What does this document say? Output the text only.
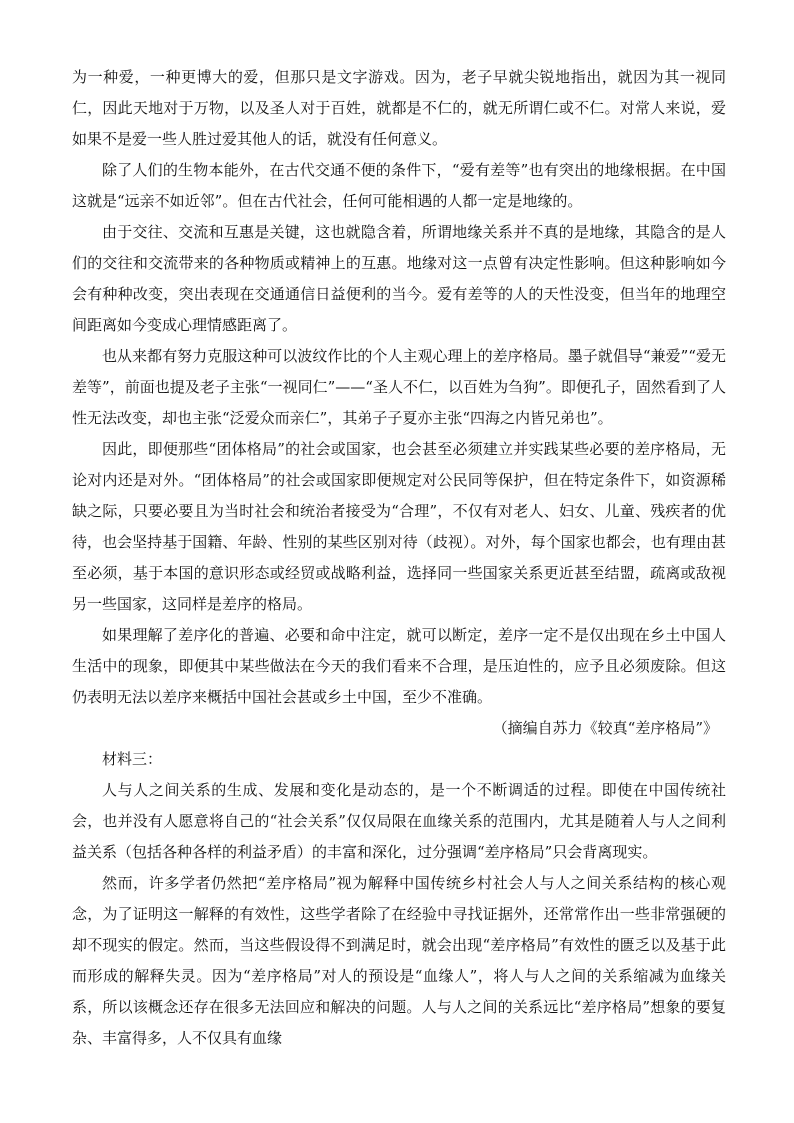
为一种爱，一种更博大的爱，但那只是文字游戏。因为，老子早就尖锐地指出，就因为其一视同仁，因此天地对于万物，以及圣人对于百姓，就都是不仁的，就无所谓仁或不仁。对常人来说，爱如果不是爱一些人胜过爱其他人的话，就没有任何意义。

除了人们的生物本能外，在古代交通不便的条件下，“爱有差等”也有突出的地缘根据。在中国这就是“远亲不如近邻”。但在古代社会，任何可能相遇的人都一定是地缘的。

由于交往、交流和互惠是关键，这也就隐含着，所谓地缘关系并不真的是地缘，其隐含的是人们的交往和交流带来的各种物质或精神上的互惠。地缘对这一点曾有决定性影响。但这种影响如今会有种种改变，突出表现在交通通信日益便利的当今。爱有差等的人的天性没变，但当年的地理空间距离如今变成心理情感距离了。

也从来都有努力克服这种可以波纹作比的个人主观心理上的差序格局。墨子就倡导“兼爱”“爱无差等”，前面也提及老子主张“一视同仁”——“圣人不仁，以百姓为刍狗”。即便孔子，固然看到了人性无法改变，却也主张“泛爱众而亲仁”，其弟子子夏亦主张“四海之内皆兄弟也”。

因此，即便那些“团体格局”的社会或国家，也会甚至必须建立并实践某些必要的差序格局，无论对内还是对外。“团体格局”的社会或国家即便规定对公民同等保护，但在特定条件下，如资源稀缺之际，只要必要且为当时社会和统治者接受为“合理”，不仅有对老人、妇女、儿童、残疾者的优待，也会坚持基于国籍、年龄、性别的某些区别对待（歧视）。对外，每个国家也都会，也有理由甚至必须，基于本国的意识形态或经贸或战略利益，选择同一些国家关系更近甚至结盟，疏离或敌视另一些国家，这同样是差序的格局。

如果理解了差序化的普遍、必要和命中注定，就可以断定，差序一定不是仅出现在乡土中国人生活中的现象，即便其中某些做法在今天的我们看来不合理，是压迫性的，应予且必须废除。但这仍表明无法以差序来概括中国社会甚或乡土中国，至少不准确。

（摘编自苏力《较真“差序格局”》

材料三：

人与人之间关系的生成、发展和变化是动态的，是一个不断调适的过程。即使在中国传统社会，也并没有人愿意将自己的“社会关系”仅仅局限在血缘关系的范围内，尤其是随着人与人之间利益关系（包括各种各样的利益矛盾）的丰富和深化，过分强调“差序格局”只会背离现实。

然而，许多学者仍然把“差序格局”视为解释中国传统乡村社会人与人之间关系结构的核心观念，为了证明这一解释的有效性，这些学者除了在经验中寻找证据外，还常常作出一些非常强硬的却不现实的假定。然而，当这些假设得不到满足时，就会出现“差序格局”有效性的匮乏以及基于此而形成的解释失灵。因为“差序格局”对人的预设是“血缘人”，将人与人之间的关系缩减为血缘关系，所以该概念还存在很多无法回应和解决的问题。人与人之间的关系远比“差序格局”想象的要复杂、丰富得多，人不仅具有血缘
